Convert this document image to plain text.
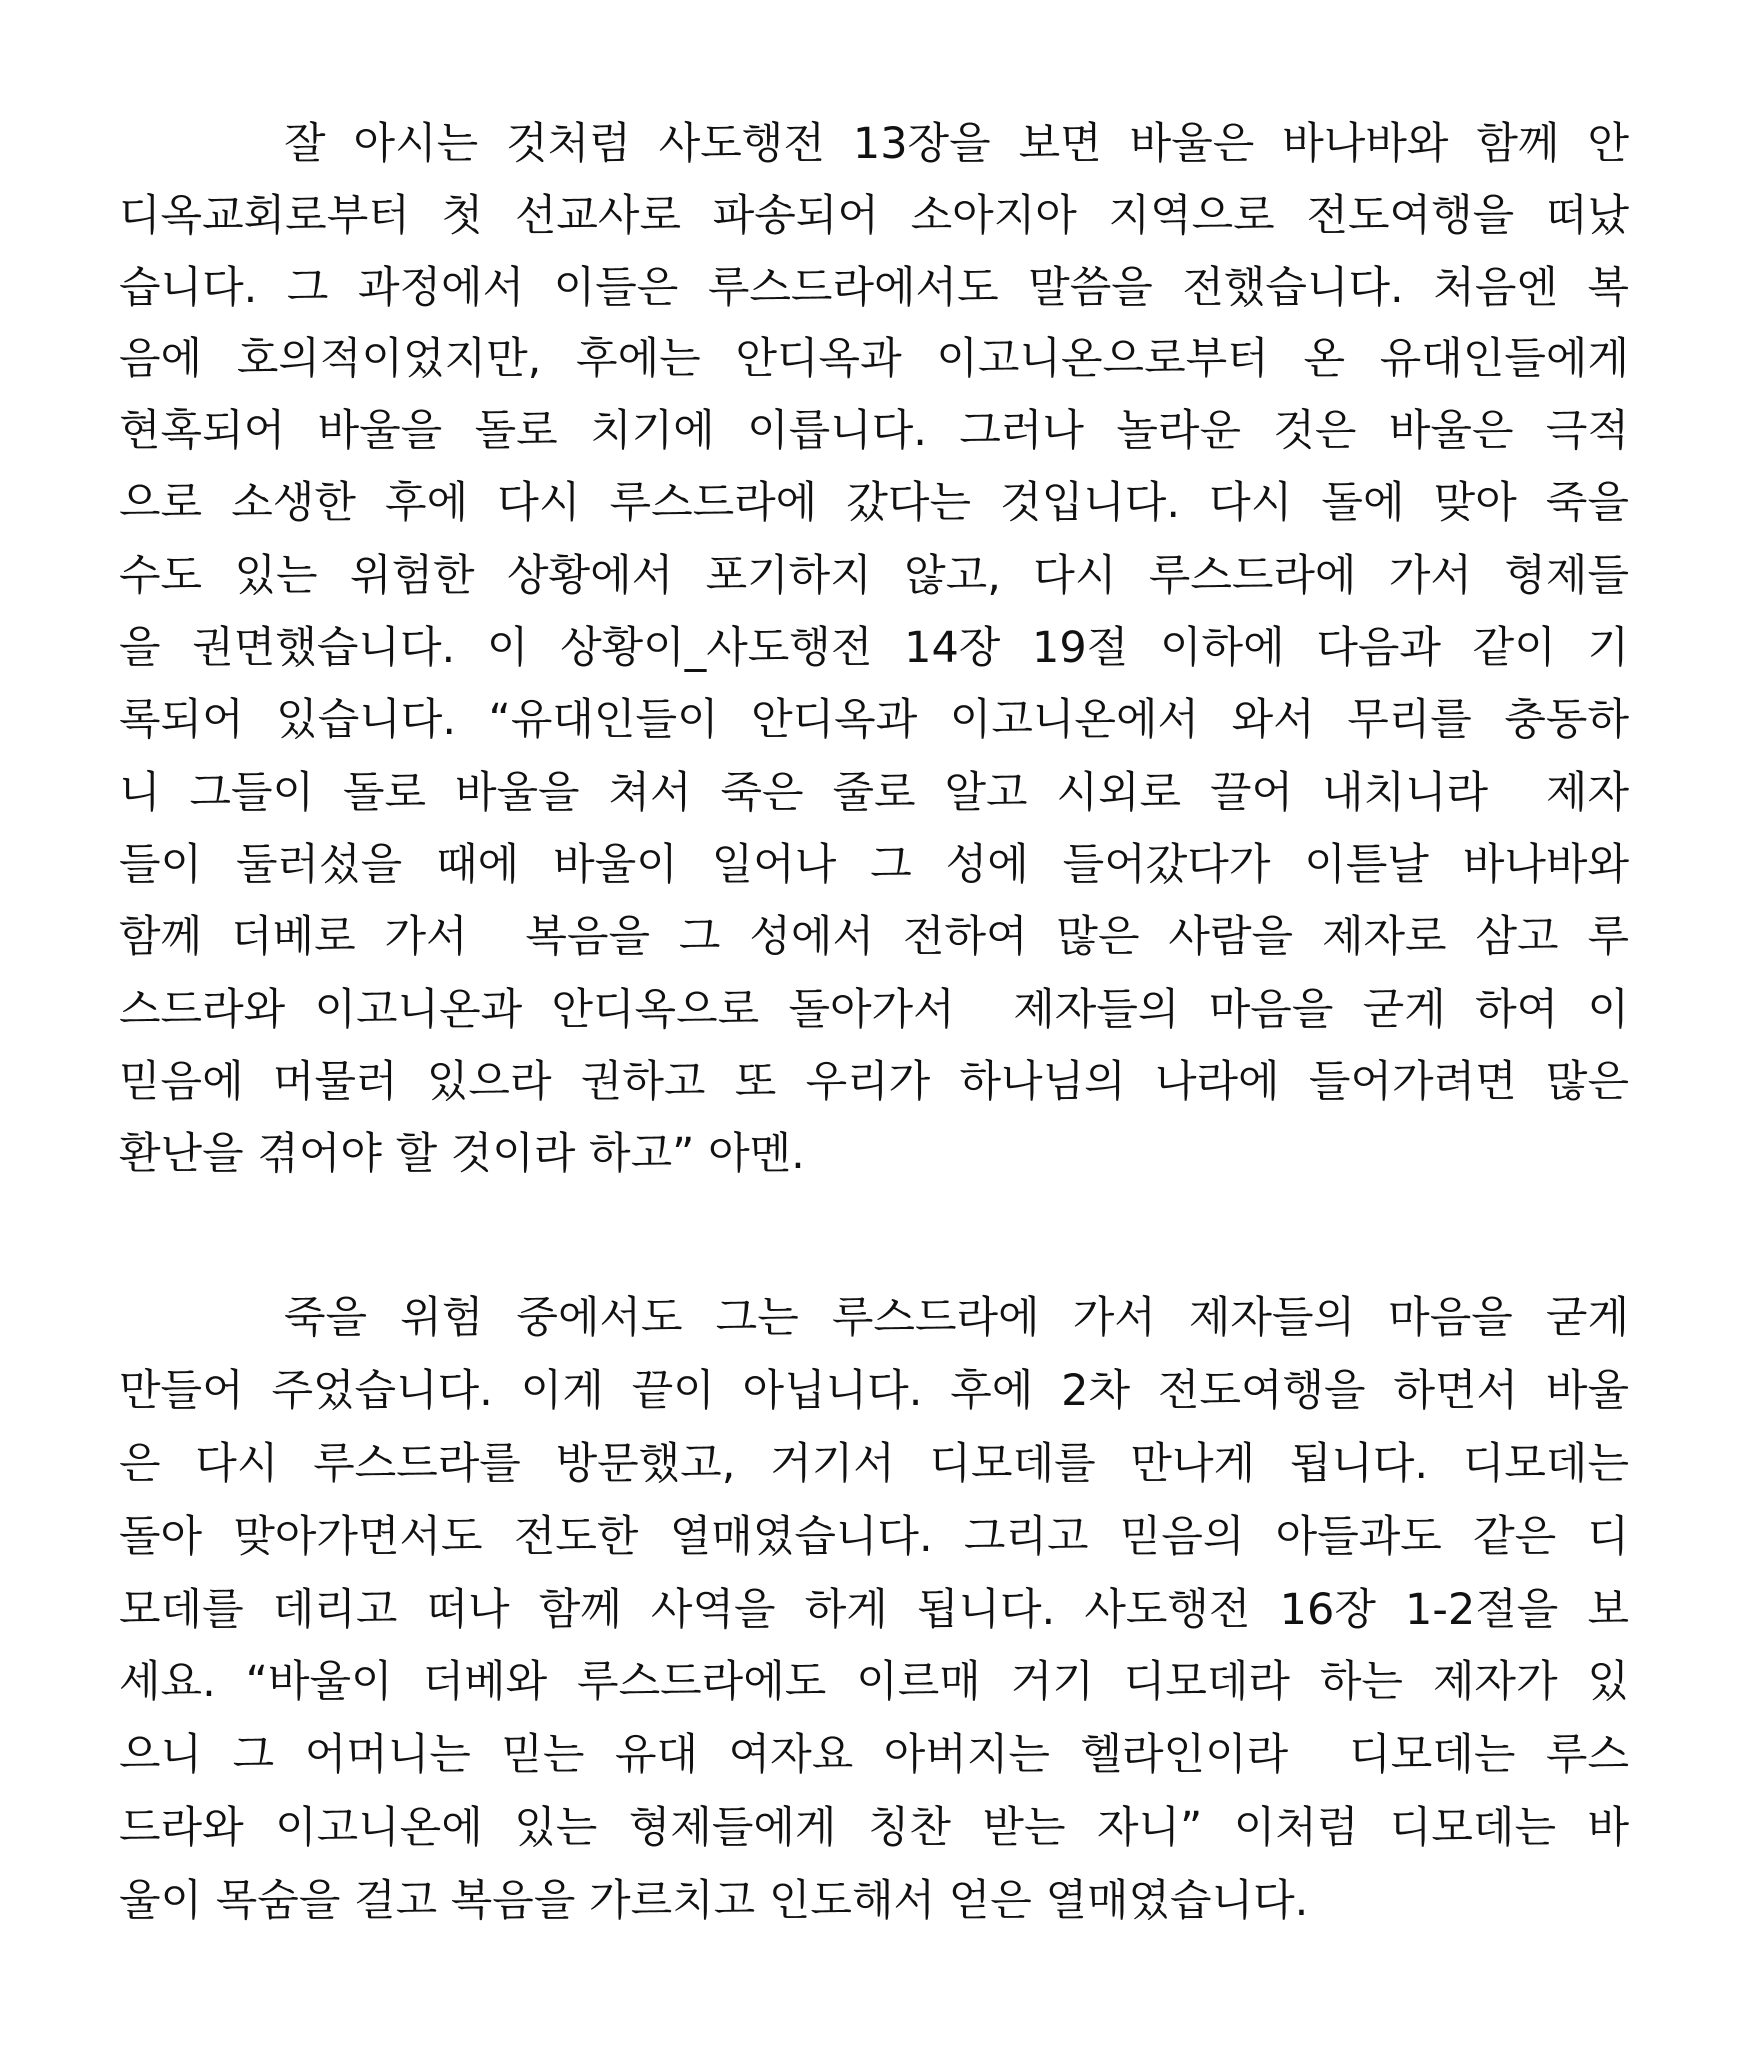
잘 아시는 것처럼 사도행전 13장을 보면 바울은 바나바와 함께 안
디옥교회로부터 첫 선교사로 파송되어 소아지아 지역으로 전도여행을 떠났
습니다. 그 과정에서 이들은 루스드라에서도 말씀을 전했습니다. 처음엔 복
음에 호의적이었지만, 후에는 안디옥과 이고니온으로부터 온 유대인들에게
현혹되어 바울을 돌로 치기에 이릅니다. 그러나 놀라운 것은 바울은 극적
으로 소생한 후에 다시 루스드라에 갔다는 것입니다. 다시 돌에 맞아 죽을
수도 있는 위험한 상황에서 포기하지 않고, 다시 루스드라에 가서 형제들
을 권면했습니다. 이 상황이_사도행전 14장 19절 이하에 다음과 같이 기
록되어 있습니다. “유대인들이 안디옥과 이고니온에서 와서 무리를 충동하
니 그들이 돌로 바울을 쳐서 죽은 줄로 알고 시외로 끌어 내치니라  제자
들이 둘러섰을 때에 바울이 일어나 그 성에 들어갔다가 이튿날 바나바와
함께 더베로 가서  복음을 그 성에서 전하여 많은 사람을 제자로 삼고 루
스드라와 이고니온과 안디옥으로 돌아가서  제자들의 마음을 굳게 하여 이
믿음에 머물러 있으라 권하고 또 우리가 하나님의 나라에 들어가려면 많은
환난을 겪어야 할 것이라 하고” 아멘.
죽을 위험 중에서도 그는 루스드라에 가서 제자들의 마음을 굳게
만들어 주었습니다. 이게 끝이 아닙니다. 후에 2차 전도여행을 하면서 바울
은 다시 루스드라를 방문했고, 거기서 디모데를 만나게 됩니다. 디모데는
돌아 맞아가면서도 전도한 열매였습니다. 그리고 믿음의 아들과도 같은 디
모데를 데리고 떠나 함께 사역을 하게 됩니다. 사도행전 16장 1-2절을 보
세요. “바울이 더베와 루스드라에도 이르매 거기 디모데라 하는 제자가 있
으니 그 어머니는 믿는 유대 여자요 아버지는 헬라인이라  디모데는 루스
드라와 이고니온에 있는 형제들에게 칭찬 받는 자니” 이처럼 디모데는 바
울이 목숨을 걸고 복음을 가르치고 인도해서 얻은 열매였습니다.
